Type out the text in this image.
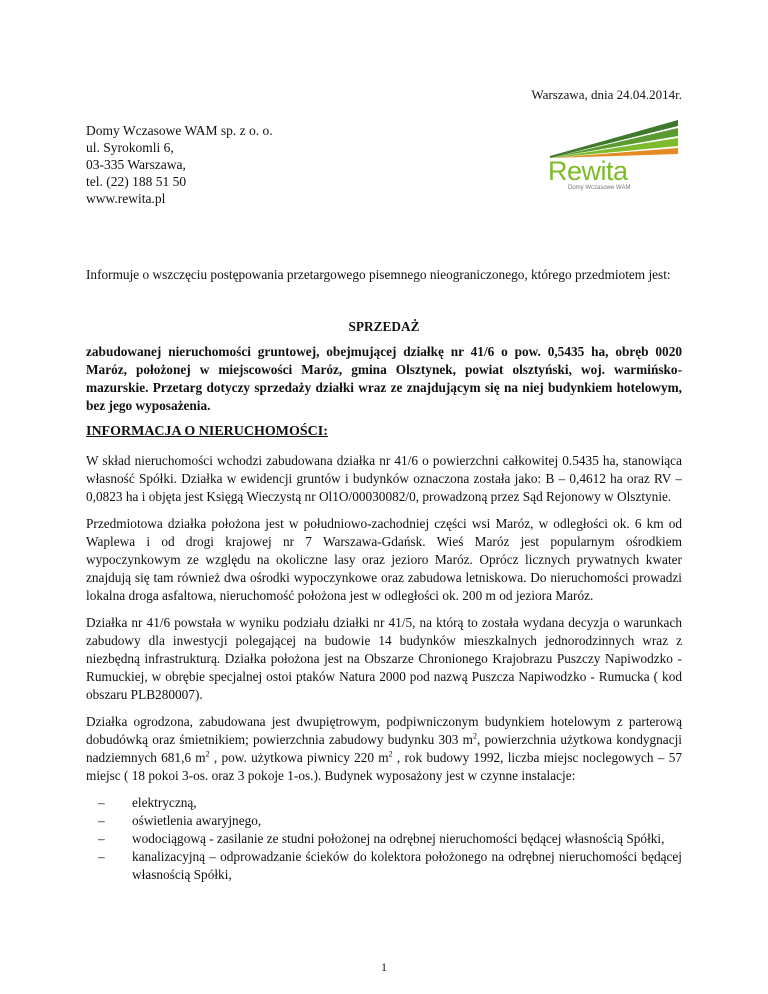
Warszawa, dnia 24.04.2014r.
Domy Wczasowe WAM sp. z o. o.
ul. Syrokomli 6,
03-335 Warszawa,
tel. (22) 188 51 50
www.rewita.pl
Rewita
Domy Wczasowe WAM
Informuje o wszczęciu postępowania przetargowego pisemnego nieograniczonego, którego przedmiotem jest:
SPRZEDAŻ
zabudowanej nieruchomości gruntowej, obejmującej działkę nr 41/6 o pow. 0,5435 ha, obręb 0020 Maróz, położonej w miejscowości Maróz, gmina Olsztynek, powiat olsztyński, woj. warmińsko-mazurskie. Przetarg dotyczy sprzedaży działki wraz ze znajdującym się na niej budynkiem hotelowym, bez jego wyposażenia.
INFORMACJA O NIERUCHOMOŚCI:

W skład nieruchomości wchodzi zabudowana działka nr 41/6 o powierzchni całkowitej 0.5435 ha, stanowiąca własność Spółki. Działka w ewidencji gruntów i budynków oznaczona została jako: B – 0,4612 ha oraz RV – 0,0823 ha i objęta jest Księgą Wieczystą nr Ol1O/00030082/0, prowadzoną przez Sąd Rejonowy w Olsztynie.

Przedmiotowa działka położona jest w południowo-zachodniej części wsi Maróz, w odległości ok. 6 km od Waplewa i od drogi krajowej nr 7 Warszawa-Gdańsk. Wieś Maróz jest popularnym ośrodkiem wypoczynkowym ze względu na okoliczne lasy oraz jezioro Maróz. Oprócz licznych prywatnych kwater znajdują się tam również dwa ośrodki wypoczynkowe oraz zabudowa letniskowa. Do nieruchomości prowadzi lokalna droga asfaltowa, nieruchomość położona jest w odległości ok. 200 m od jeziora Maróz.

Działka nr 41/6 powstała w wyniku podziału działki nr 41/5, na którą to została wydana decyzja o warunkach zabudowy dla inwestycji polegającej na budowie 14 budynków mieszkalnych jednorodzinnych wraz z niezbędną infrastrukturą. Działka położona jest na Obszarze Chronionego Krajobrazu Puszczy Napiwodzko - Rumuckiej, w obrębie specjalnej ostoi ptaków Natura 2000 pod nazwą Puszcza Napiwodzko - Rumucka ( kod obszaru PLB280007).

Działka ogrodzona, zabudowana jest dwupiętrowym, podpiwniczonym budynkiem hotelowym z parterową dobudówką oraz śmietnikiem; powierzchnia zabudowy budynku 303 $m^2$, powierzchnia użytkowa kondygnacji nadziemnych 681,6 $m^2$ , pow. użytkowa piwnicy 220 $m^2$ , rok budowy 1992, liczba miejsc noclegowych – 57 miejsc ( 18 pokoi 3-os. oraz 3 pokoje 1-os.). Budynek wyposażony jest w czynne instalacje:

– elektryczną,
– oświetlenia awaryjnego,
– wodociągową - zasilanie ze studni położonej na odrębnej nieruchomości będącej własnością Spółki,
– kanalizacyjną – odprowadzanie ścieków do kolektora położonego na odrębnej nieruchomości będącej własnością Spółki,
1
